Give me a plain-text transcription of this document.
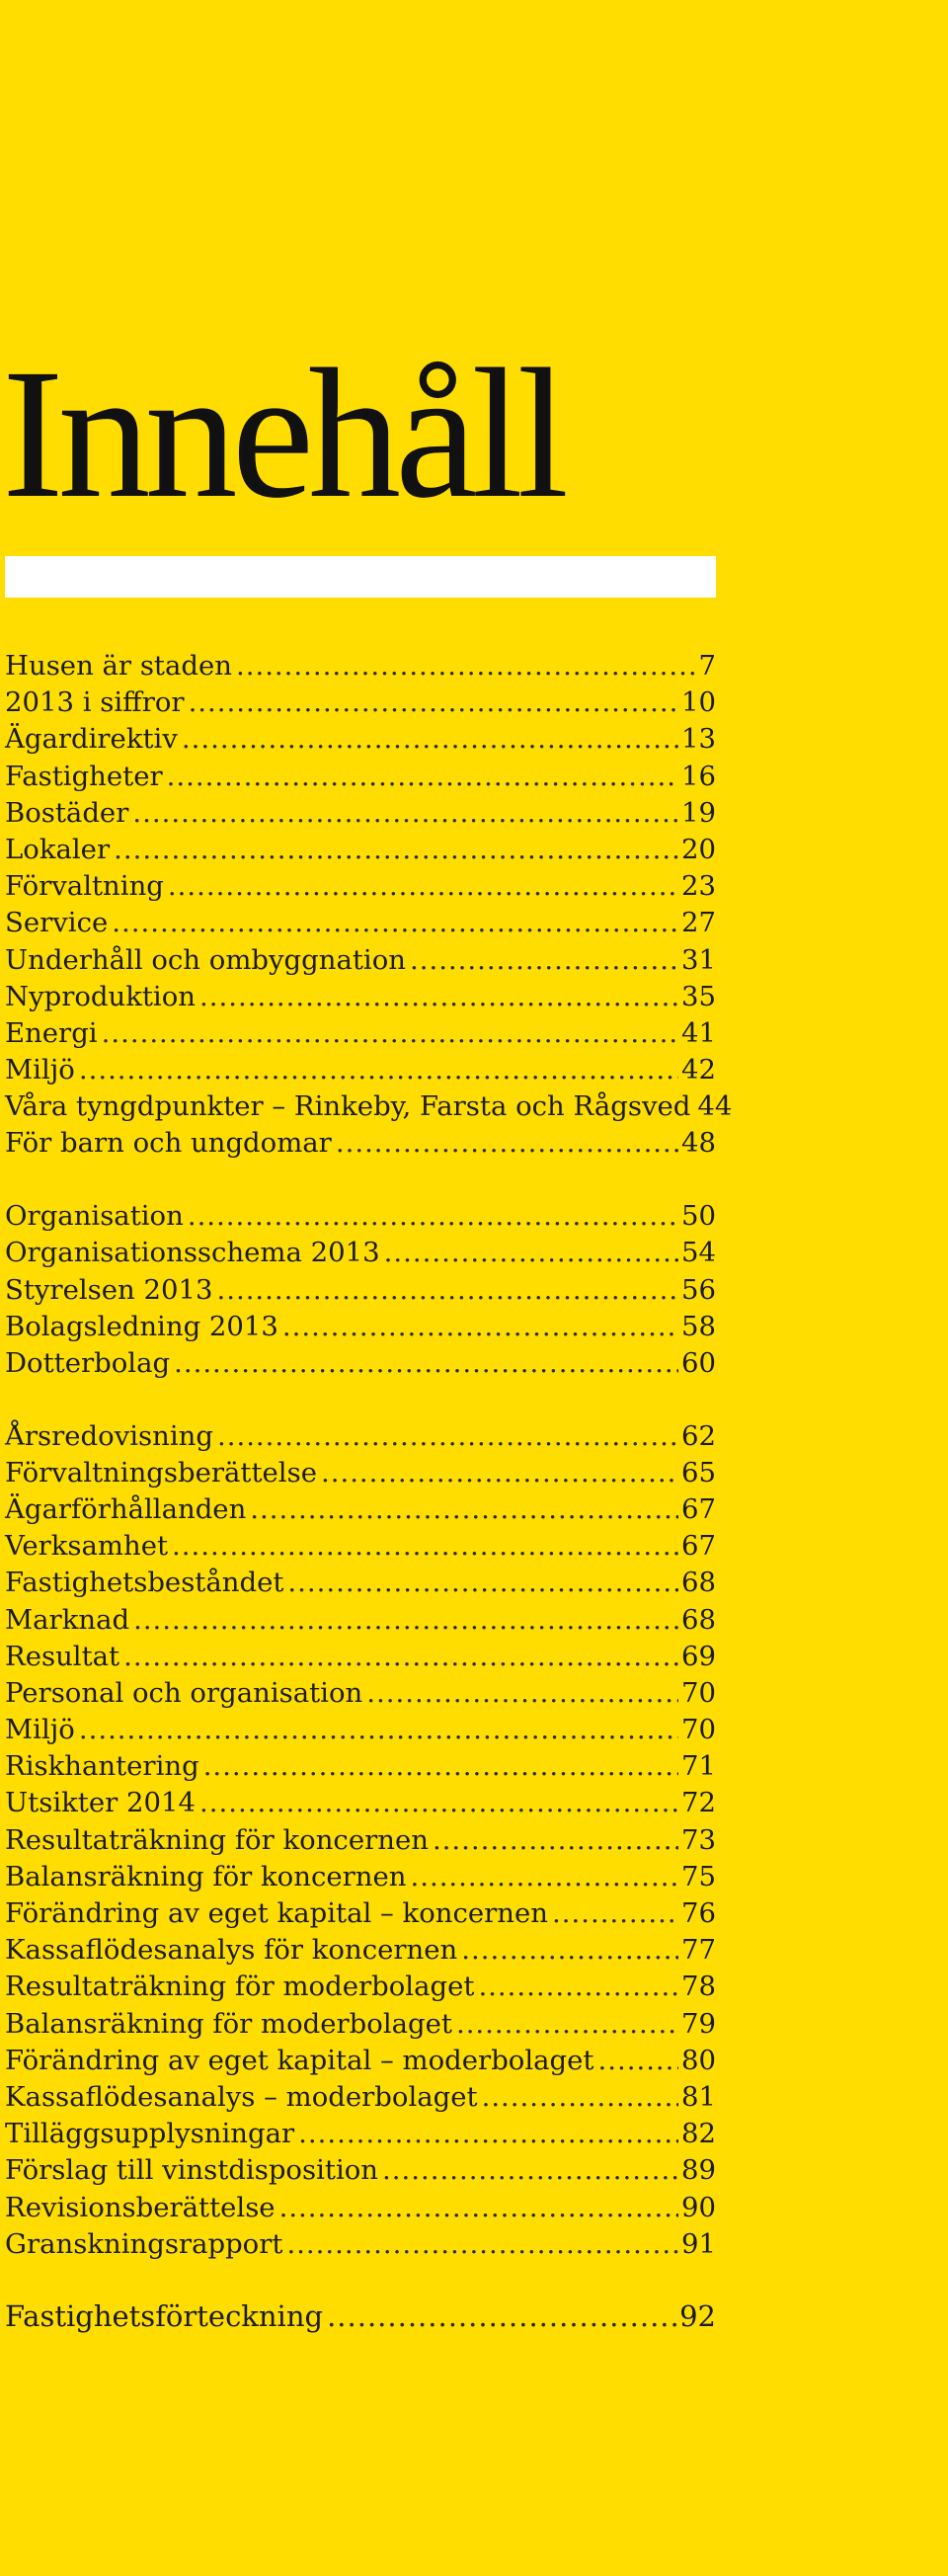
Innehåll
Husen är staden .....	7
2013 i siffror .....	10
Ägardirektiv .....	13
Fastigheter .....	16
Bostäder .....	19
Lokaler .....	20
Förvaltning .....	23
Service .....	27
Underhåll och ombyggnation .....	31
Nyproduktion .....	35
Energi .....	41
Miljö .....	42
Våra tyngdpunkter – Rinkeby, Farsta och Rågsved 44
För barn och ungdomar .....	48
Organisation .....	50
Organisationsschema 2013 .....	54
Styrelsen 2013 .....	56
Bolagsledning 2013 .....	58
Dotterbolag .....	60
Årsredovisning .....	62
Förvaltningsberättelse .....	65
Ägarförhållanden .....	67
Verksamhet .....	67
Fastighetsbeståndet .....	68
Marknad .....	68
Resultat .....	69
Personal och organisation .....	70
Miljö .....	70
Riskhantering .....	71
Utsikter 2014 .....	72
Resultaträkning för koncernen .....	73
Balansräkning för koncernen .....	75
Förändring av eget kapital – koncernen .....	76
Kassaflödesanalys för koncernen .....	77
Resultaträkning för moderbolaget .....	78
Balansräkning för moderbolaget .....	79
Förändring av eget kapital – moderbolaget .....	80
Kassaflödesanalys – moderbolaget .....	81
Tilläggsupplysningar .....	82
Förslag till vinstdisposition .....	89
Revisionsberättelse .....	90
Granskningsrapport .....	91
Fastighetsförteckning .....	92
